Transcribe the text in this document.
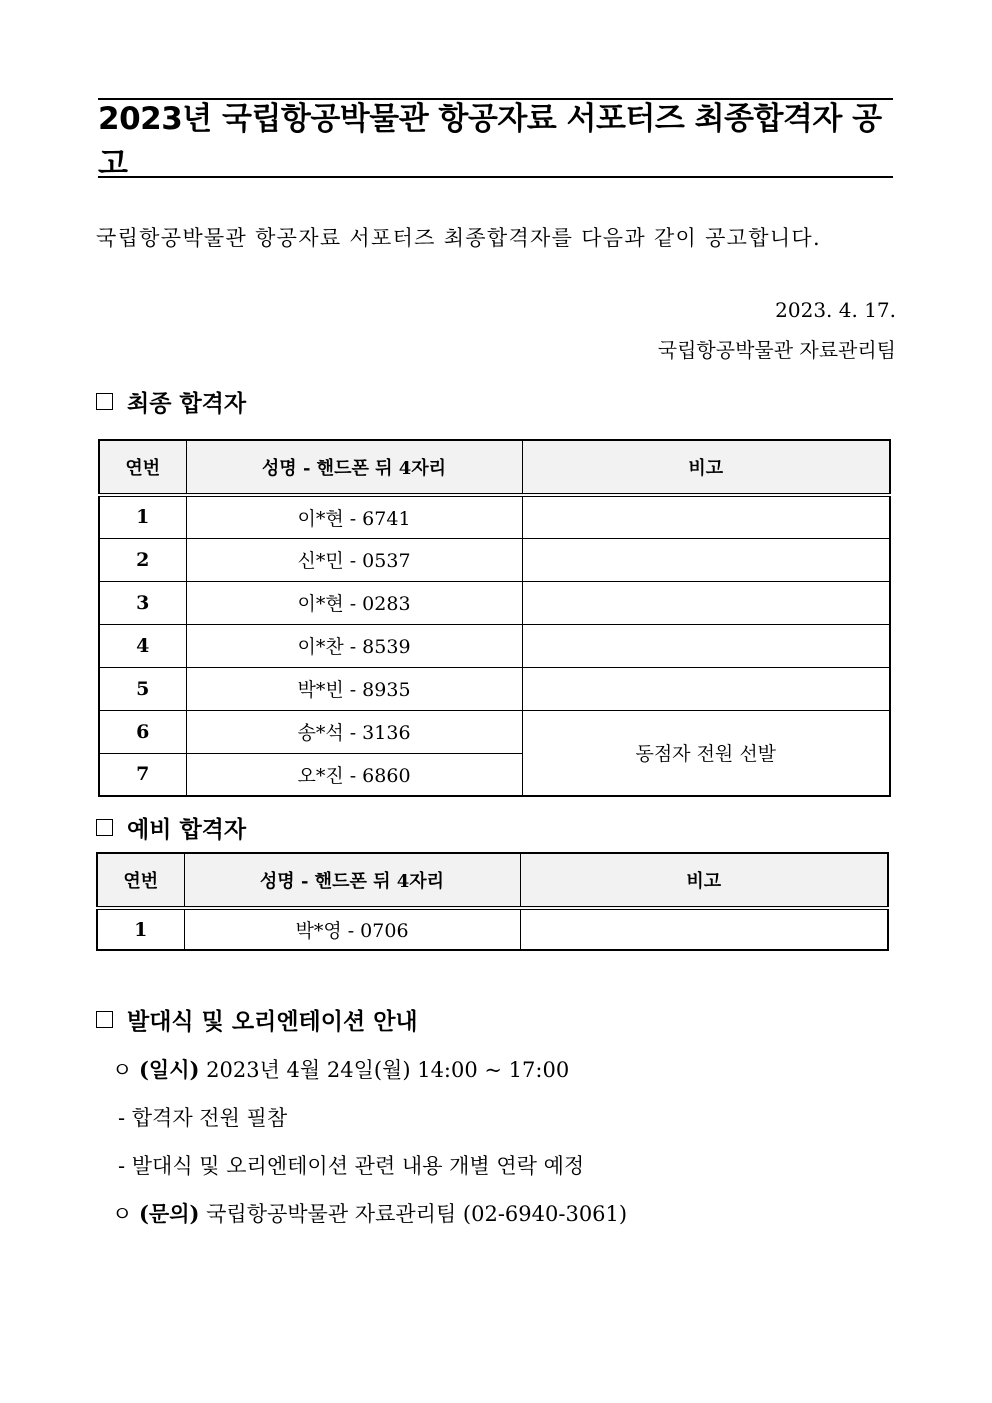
2023년 국립항공박물관 항공자료 서포터즈 최종합격자 공고
국립항공박물관 항공자료 서포터즈 최종합격자를 다음과 같이 공고합니다.
2023. 4. 17.
국립항공박물관 자료관리팀
최종 합격자
연번	성명 - 핸드폰 뒤 4자리	비고
1	이*현 - 6741	
2	신*민 - 0537	
3	이*현 - 0283	
4	이*찬 - 8539	
5	박*빈 - 8935	
6	송*석 - 3136	동점자 전원 선발
7	오*진 - 6860	
예비 합격자
연번	성명 - 핸드폰 뒤 4자리	비고
1	박*영 - 0706	
발대식 및 오리엔테이션 안내
ㅇ (일시) 2023년 4월 24일(월) 14:00 ~ 17:00
- 합격자 전원 필참
- 발대식 및 오리엔테이션 관련 내용 개별 연락 예정
ㅇ (문의) 국립항공박물관 자료관리팀 (02-6940-3061)
